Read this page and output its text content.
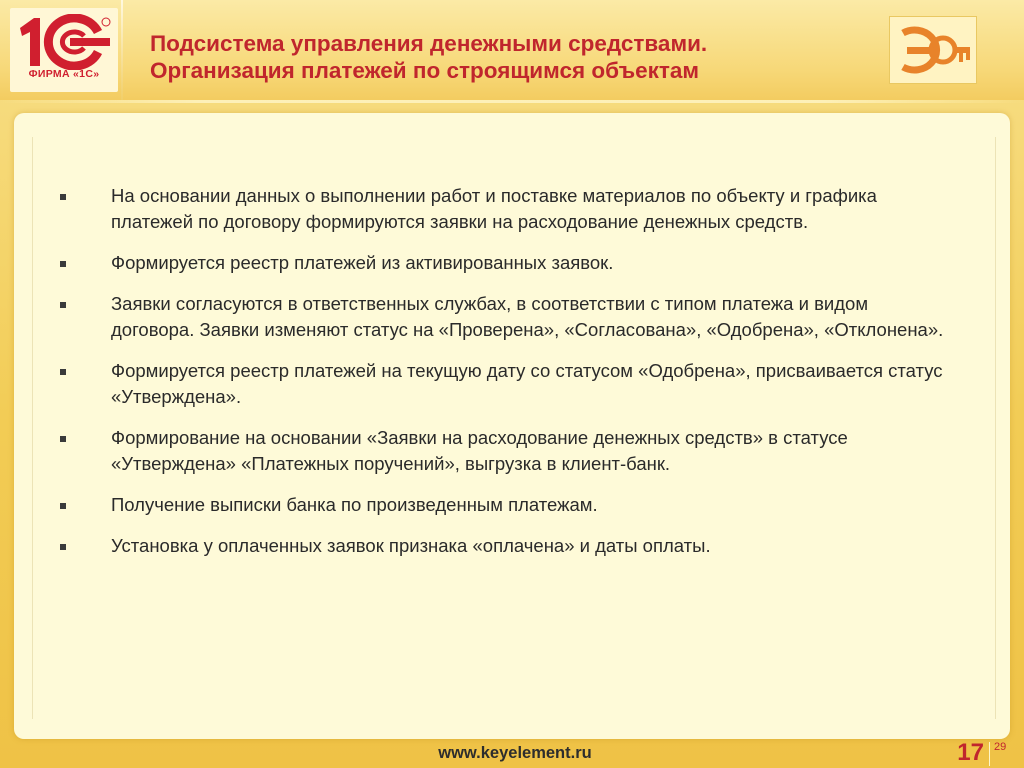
ФИРМА «1С»
Подсистема управления денежными средствами.
Организация платежей по строящимся объектам
На основании данных о выполнении работ и поставке материалов по объекту и графика платежей по договору формируются заявки на расходование денежных средств.
Формируется реестр платежей из активированных заявок.
Заявки согласуются в ответственных службах, в соответствии с типом платежа и видом договора. Заявки изменяют статус на «Проверена», «Согласована», «Одобрена», «Отклонена».
Формируется реестр платежей на текущую дату со статусом «Одобрена», присваивается статус «Утверждена».
Формирование на основании «Заявки на расходование денежных средств» в статусе «Утверждена» «Платежных поручений», выгрузка в клиент-банк.
Получение выписки банка по произведенным платежам.
Установка у оплаченных заявок признака «оплачена» и даты оплаты.
www.keyelement.ru	17 29
